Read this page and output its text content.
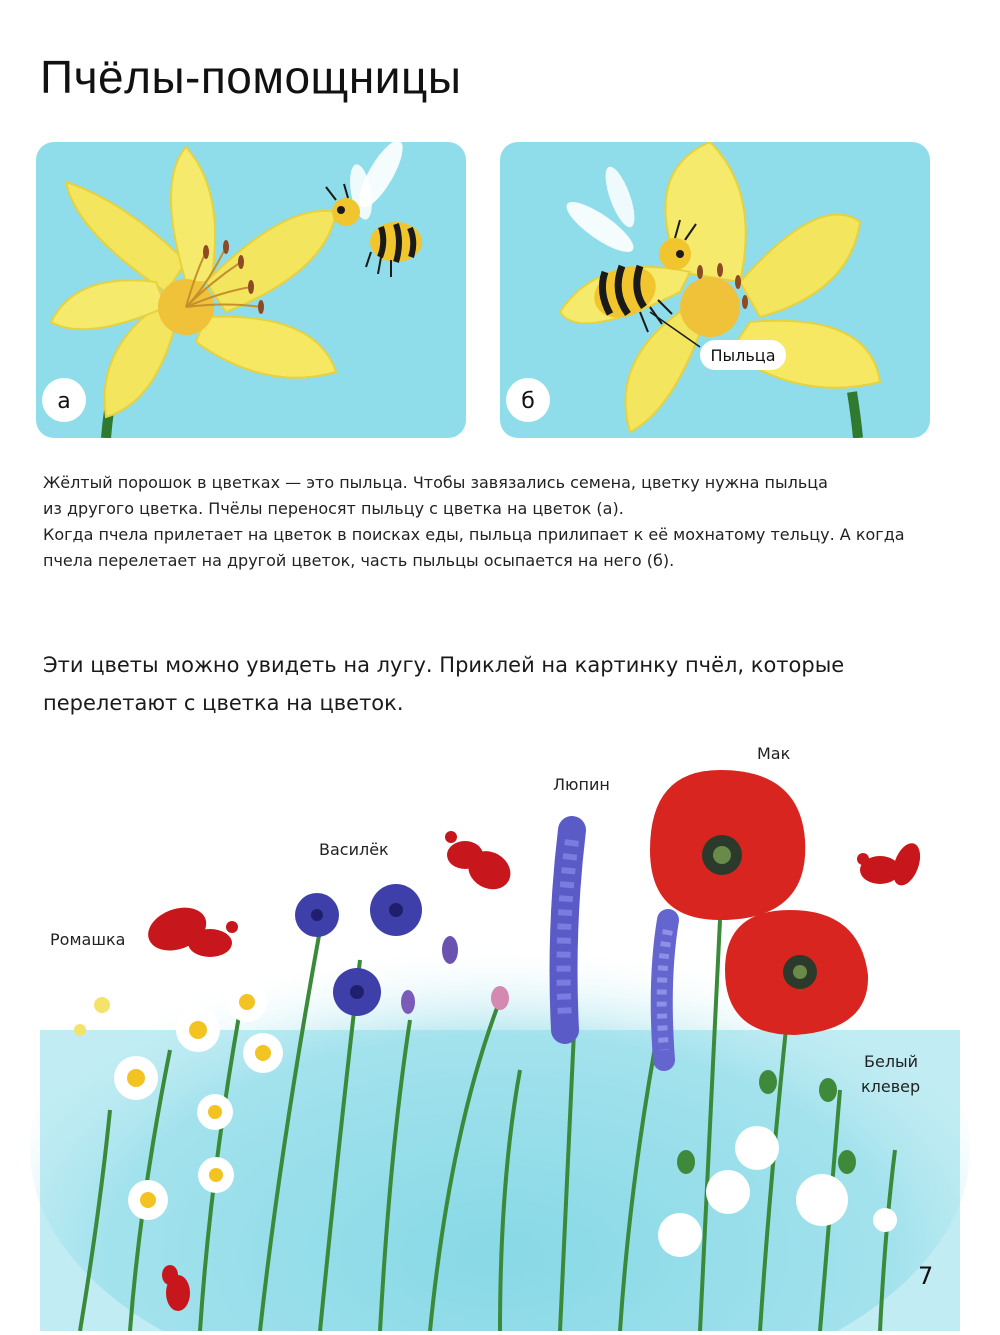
Пчёлы-помощницы
а
Пыльца
б

Жёлтый порошок в цветках — это пыльца. Чтобы завязались семена, цветку нужна пыльца

из другого цветка. Пчёлы переносят пыльцу с цветка на цветок (а).

Когда пчела прилетает на цветок в поисках еды, пыльца прилипает к её мохнатому тельцу. А когда

пчела перелетает на другой цветок, часть пыльцы осыпается на него (б).

Эти цветы можно увидеть на лугу. Приклей на картинку пчёл, которые
перелетают с цветка на цветок.
Ромашка
Василёк
Люпин
Мак
Белый
клевер
7
